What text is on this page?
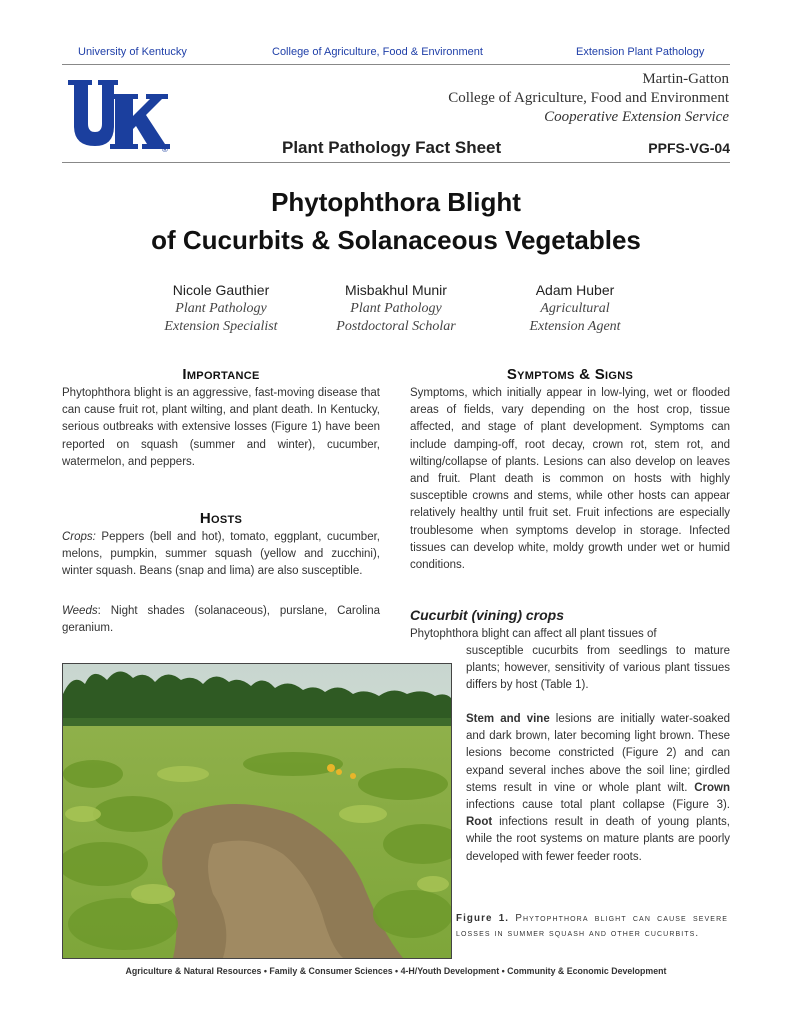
University of Kentucky	College of Agriculture, Food & Environment	Extension Plant Pathology
®
Martin-Gatton
College of Agriculture, Food and Environment
Cooperative Extension Service
Plant Pathology Fact Sheet	PPFS-VG-04
Phytophthora Blight
of Cucurbits & Solanaceous Vegetables
Nicole Gauthier
Plant Pathology
Extension Specialist
Misbakhul Munir
Plant Pathology
Postdoctoral Scholar
Adam Huber
Agricultural
Extension Agent
Importance
Phytophthora blight is an aggressive, fast-moving disease that can cause fruit rot, plant wilting, and plant death. In Kentucky, serious outbreaks with extensive losses (Figure 1) have been reported on squash (summer and winter), cucumber, watermelon, and peppers.
Hosts
Crops: Peppers (bell and hot), tomato, eggplant, cucumber, melons, pumpkin, summer squash (yellow and zucchini), winter squash. Beans (snap and lima) are also susceptible.
Weeds: Night shades (solanaceous), purslane, Carolina geranium.
Symptoms & Signs
Symptoms, which initially appear in low-lying, wet or flooded areas of fields, vary depending on the host crop, tissue affected, and stage of plant development. Symptoms can include damping-off, root decay, crown rot, stem rot, and wilting/collapse of plants. Lesions can also develop on leaves and fruit. Plant death is common on hosts with highly susceptible crowns and stems, while other hosts can appear relatively healthy until fruit set. Fruit infections are especially troublesome when symptoms develop in storage. Infected tissues can develop white, moldy growth under wet or humid conditions.
Cucurbit (vining) crops
Phytophthora blight can affect all plant tissues of
susceptible cucurbits from seedlings to mature plants; however, sensitivity of various plant tissues differs by host (Table 1).
Stem and vine lesions are initially water-soaked and dark brown, later becoming light brown. These lesions become constricted (Figure 2) and can expand several inches above the soil line; girdled stems result in vine or whole plant wilt. Crown infections cause total plant collapse (Figure 3). Root infections result in death of young plants, while the root systems on mature plants are poorly developed with fewer feeder roots.
Figure 1. Phytophthora blight can cause severe losses in summer squash and other cucurbits.
Agriculture & Natural Resources • Family & Consumer Sciences • 4-H/Youth Development • Community & Economic Development
